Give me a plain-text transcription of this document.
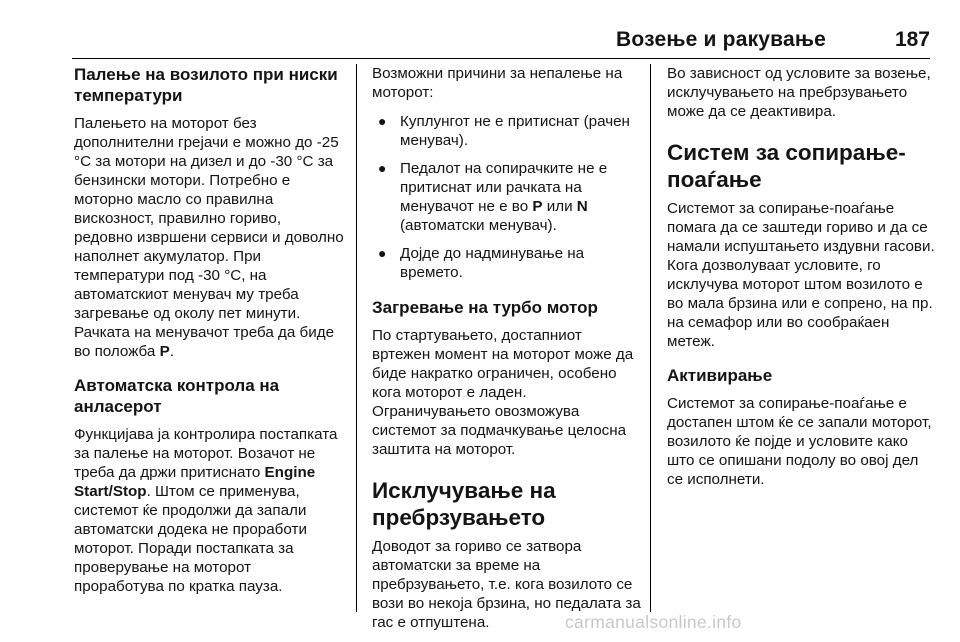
Возење и ракување	187
Палење на возилото при ниски температури

Палењето на моторот без дополнителни грејачи е можно до -25 °C за мотори на дизел и до -30 °C за бензински мотори. Потребно е моторно масло со правилна вискозност, правилно гориво, редовно извршени сервиси и доволно наполнет акумулатор. При температури под -30 °C, на автоматскиот менувач му треба загревање од околу пет минути. Рачката на менувачот треба да биде во положба P.

Автоматска контрола на анласерот

Функцијава ја контролира постапката за палење на моторот. Возачот не треба да држи притиснато Engine Start/Stop. Штом се применува, системот ќе продолжи да запали автоматски додека не проработи моторот. Поради постапката за проверување на моторот проработува по кратка пауза.

Возможни причини за непалење на моторот:

● Куплунгот не е притиснат (рачен менувач).
● Педалот на сопирачките не е притиснат или рачката на менувачот не е во P или N (автоматски менувач).
● Дојде до надминување на времето.
Загревање на турбо мотор

По стартувањето, достапниот вртежен момент на моторот може да биде накратко ограничен, особено кога моторот е ладен. Ограничувањето овозможува системот за подмачкување целосна заштита на моторот.

Исклучување на пребрзувањето

Доводот за гориво се затвора автоматски за време на пребрзувањето, т.е. кога возилото се вози во некоја брзина, но педалата за гас е отпуштена.

Во зависност од условите за возење, исклучувањето на пребрзувањето може да се деактивира.

Систем за сопирање-поаѓање

Системот за сопирање-поаѓање помага да се заштеди гориво и да се намали испуштањето издувни гасови. Кога дозволуваат условите, го исклучува моторот штом возилото е во мала брзина или е сопрено, на пр. на семафор или во сообраќаен метеж.

Активирање

Системот за сопирање-поаѓање е достапен штом ќе се запали моторот, возилото ќе појде и условите како што се опишани подолу во овој дел се исполнети.

carmanualsonline.info
